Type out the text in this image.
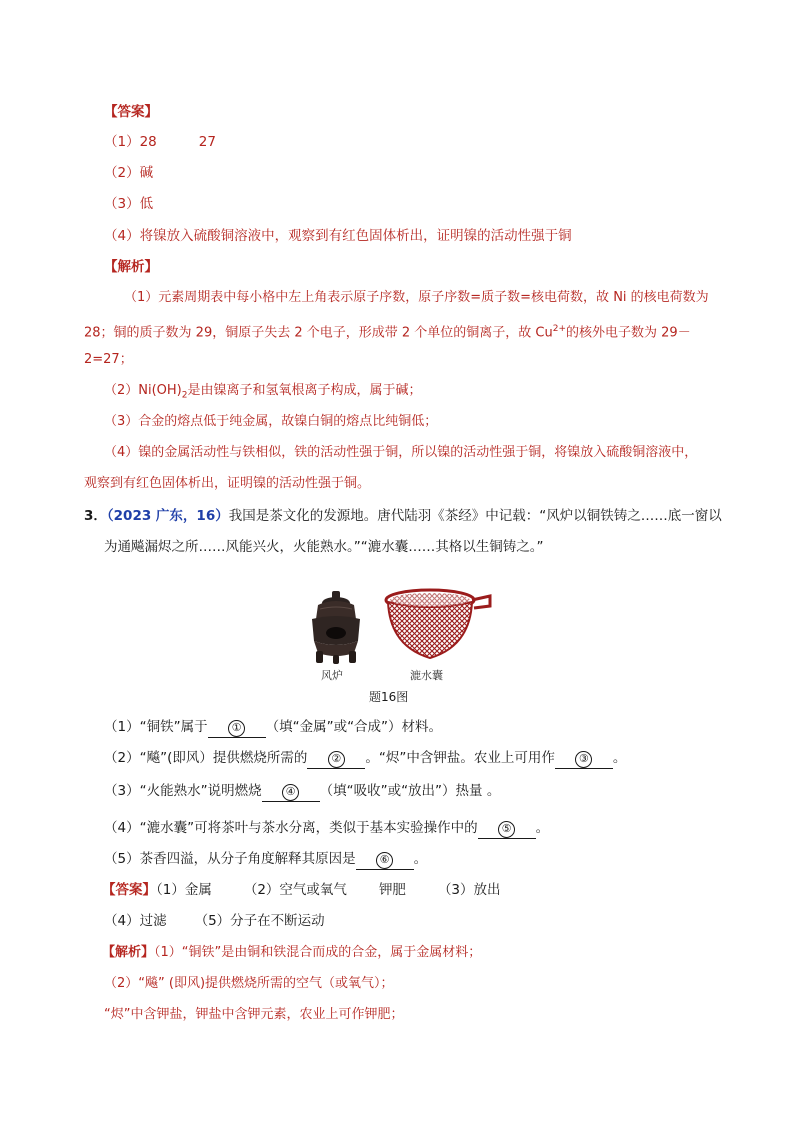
【答案】
（1）28	27
（2）碱
（3）低
（4）将镍放入硫酸铜溶液中，观察到有红色固体析出，证明镍的活动性强于铜
【解析】
（1）元素周期表中每小格中左上角表示原子序数，原子序数=质子数=核电荷数，故 Ni 的核电荷数为
28；铜的质子数为 29，铜原子失去 2 个电子，形成带 2 个单位的铜离子，故 $Cu^{2+}$的核外电子数为 29－
2=27；
$(2)Ni(OH)_2$是由镍离子和氢氧根离子构成，属于碱；
（3）合金的熔点低于纯金属，故镍白铜的熔点比纯铜低；
（4）镍的金属活动性与铁相似，铁的活动性强于铜，所以镍的活动性强于铜，将镍放入硫酸铜溶液中，
观察到有红色固体析出，证明镍的活动性强于铜。
3．（2023 广东，16）我国是茶文化的发源地。唐代陆羽《茶经》中记载：“风炉以铜铁铸之……底一窗以
为通飚漏烬之所……风能兴火，火能熟水。”“漉水囊……其格以生铜铸之。”
风炉	漉水囊
题16图
（1）“铜铁”属于 ① （填“金属”或“合成”）材料。
（2）“飚”(即风）提供燃烧所需的 ② 。“烬”中含钾盐。农业上可用作 ③ 。
（3）“火能熟水”说明燃烧 ④ （填“吸收”或“放出”）热量 。
（4）“漉水囊”可将茶叶与茶水分离，类似于基本实验操作中的 ⑤ 。
（5）茶香四溢，从分子角度解释其原因是 ⑥ 。
【答案】（1）金属 （2）空气或氧气 钾肥 （3）放出
（4）过滤 （5）分子在不断运动
【解析】（1）“铜铁”是由铜和铁混合而成的合金，属于金属材料；
（2）“飚” (即风)提供燃烧所需的空气（或氧气）；
“烬”中含钾盐，钾盐中含钾元素，农业上可作钾肥；
